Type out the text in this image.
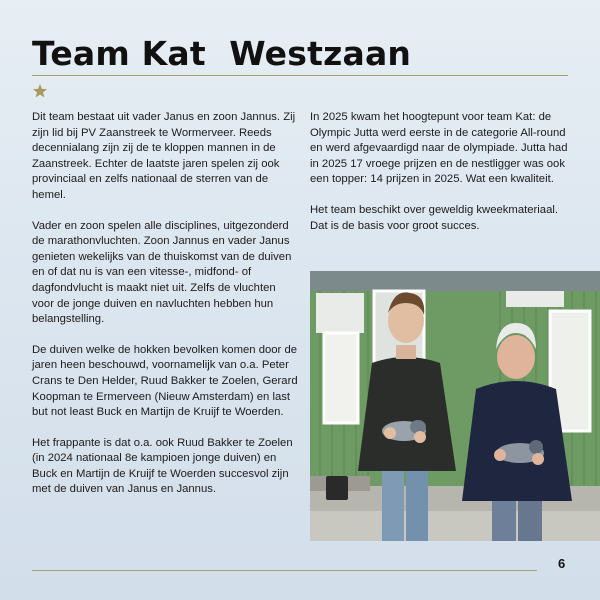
Team Kat  Westzaan

Dit team bestaat uit vader Janus en zoon Jannus. Zij zijn lid bij PV Zaanstreek te Wormerveer. Reeds decennialang zijn zij de te kloppen mannen in de Zaanstreek. Echter de laatste jaren spelen zij ook provinciaal en zelfs nationaal de sterren van de hemel.

Vader en zoon spelen alle disciplines, uitgezonderd de marathonvluchten. Zoon Jannus en vader Janus genieten wekelijks van de thuiskomst van de duiven en of dat nu is van een vitesse-, midfond- of dagfondvlucht is maakt niet uit. Zelfs de vluchten voor de jonge duiven en navluchten hebben hun belangstelling.

De duiven welke de hokken bevolken komen door de jaren heen beschouwd, voornamelijk van o.a. Peter Crans te Den Helder, Ruud Bakker te Zoelen, Gerard Koopman te Ermerveen (Nieuw Amsterdam) en last but not least Buck en Martijn de Kruijf te Woerden.

Het frappante is dat o.a. ook Ruud Bakker te Zoelen (in 2024 nationaal 8e kampioen jonge duiven) en Buck en Martijn de Kruijf te Woerden succesvol zijn met de duiven van Janus en Jannus.

In 2025 kwam het hoogtepunt voor team Kat: de Olympic Jutta werd eerste in de categorie All-round en werd afgevaardigd naar de olympiade. Jutta had in 2025 17 vroege prijzen en de nestligger was ook een topper: 14 prijzen in 2025. Wat een kwaliteit.

Het team beschikt over geweldig kweekmateriaal. Dat is de basis voor groot succes.

6
